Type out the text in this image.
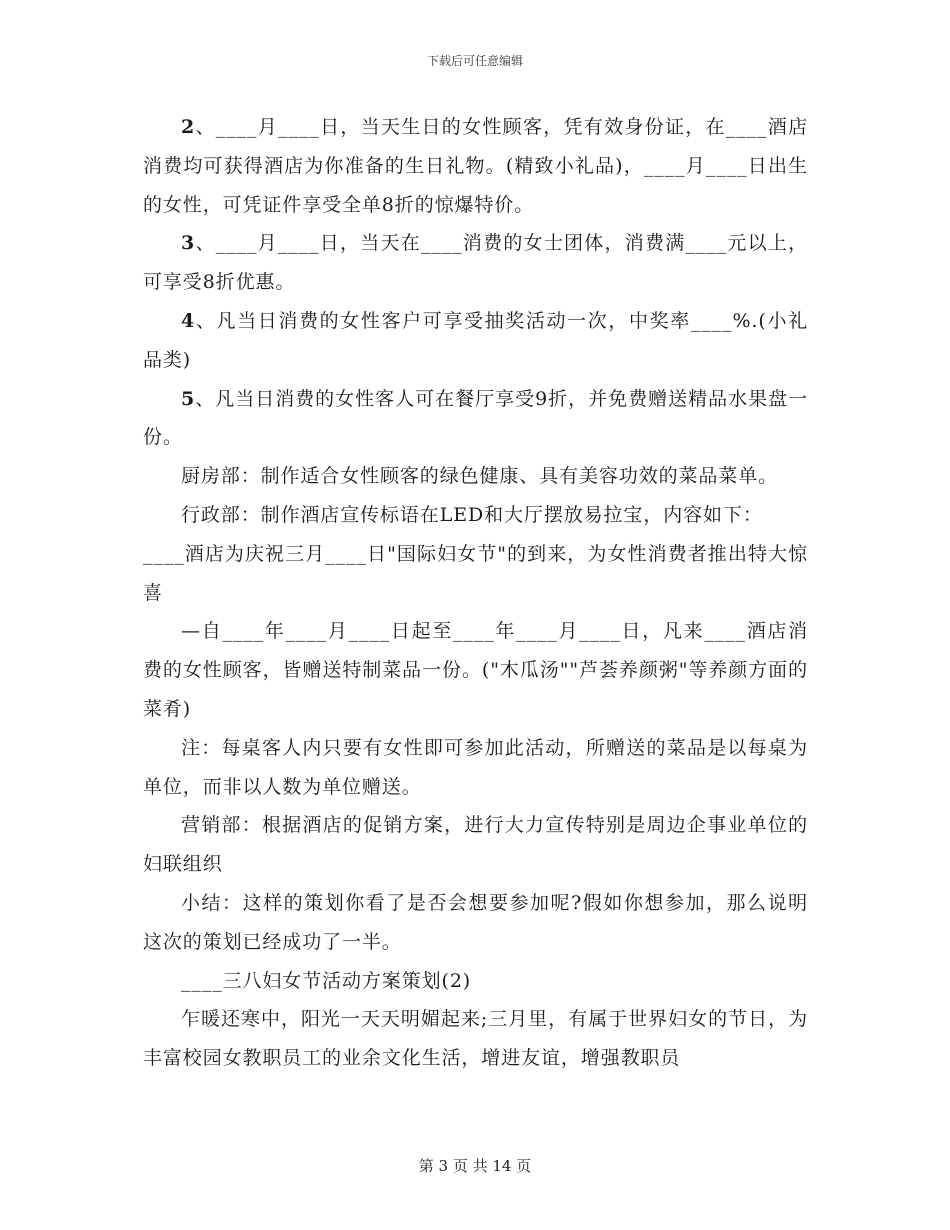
下载后可任意编辑

2、____月____日，当天生日的女性顾客，凭有效身份证，在____酒店消费均可获得酒店为你准备的生日礼物。(精致小礼品)，____月____日出生的女性，可凭证件享受全单8折的惊爆特价。

3、____月____日，当天在____消费的女士团体，消费满____元以上，可享受8折优惠。

4、凡当日消费的女性客户可享受抽奖活动一次，中奖率____%.(小礼品类)

5、凡当日消费的女性客人可在餐厅享受9折，并免费赠送精品水果盘一份。

厨房部：制作适合女性顾客的绿色健康、具有美容功效的菜品菜单。

行政部：制作酒店宣传标语在LED和大厅摆放易拉宝，内容如下：

____酒店为庆祝三月____日"国际妇女节"的到来，为女性消费者推出特大惊喜

—自____年____月____日起至____年____月____日，凡来____酒店消费的女性顾客，皆赠送特制菜品一份。("木瓜汤""芦荟养颜粥"等养颜方面的菜肴)

注：每桌客人内只要有女性即可参加此活动，所赠送的菜品是以每桌为单位，而非以人数为单位赠送。

营销部：根据酒店的促销方案，进行大力宣传特别是周边企事业单位的妇联组织

小结：这样的策划你看了是否会想要参加呢?假如你想参加，那么说明这次的策划已经成功了一半。

____三八妇女节活动方案策划(2)

乍暖还寒中，阳光一天天明媚起来;三月里，有属于世界妇女的节日，为丰富校园女教职员工的业余文化生活，增进友谊，增强教职员

第 3 页 共 14 页
